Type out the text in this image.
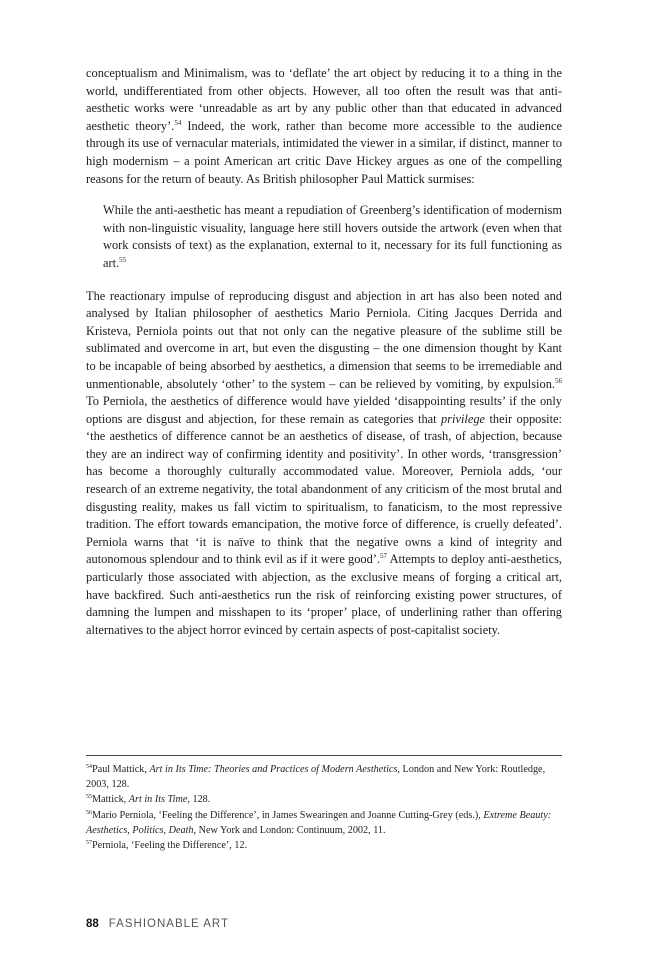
conceptualism and Minimalism, was to ‘deflate’ the art object by reducing it to a thing in the world, undifferentiated from other objects. However, all too often the result was that anti-aesthetic works were ‘unreadable as art by any public other than that educated in advanced aesthetic theory’.$^{54}$ Indeed, the work, rather than become more accessible to the audience through its use of vernacular materials, intimidated the viewer in a similar, if distinct, manner to high modernism – a point American art critic Dave Hickey argues as one of the compelling reasons for the return of beauty. As British philosopher Paul Mattick surmises:

While the anti-aesthetic has meant a repudiation of Greenberg’s identification of modernism with non-linguistic visuality, language here still hovers outside the artwork (even when that work consists of text) as the explanation, external to it, necessary for its full functioning as art.$^{55}$

The reactionary impulse of reproducing disgust and abjection in art has also been noted and analysed by Italian philosopher of aesthetics Mario Perniola. Citing Jacques Derrida and Kristeva, Perniola points out that not only can the negative pleasure of the sublime still be sublimated and overcome in art, but even the disgusting – the one dimension thought by Kant to be incapable of being absorbed by aesthetics, a dimension that seems to be irremediable and unmentionable, absolutely ‘other’ to the system – can be relieved by vomiting, by expulsion.$^{56}$ To Perniola, the aesthetics of difference would have yielded ‘disappointing results’ if the only options are disgust and abjection, for these remain as categories that privilege their opposite: ‘the aesthetics of difference cannot be an aesthetics of disease, of trash, of abjection, because they are an indirect way of confirming identity and positivity’. In other words, ‘transgression’ has become a thoroughly culturally accommodated value. Moreover, Perniola adds, ‘our research of an extreme negativity, the total abandonment of any criticism of the most brutal and disgusting reality, makes us fall victim to spiritualism, to fanaticism, to the most repressive tradition. The effort towards emancipation, the motive force of difference, is cruelly defeated’. Perniola warns that ‘it is naïve to think that the negative owns a kind of integrity and autonomous splendour and to think evil as if it were good’.$^{57}$ Attempts to deploy anti-aesthetics, particularly those associated with abjection, as the exclusive means of forging a critical art, have backfired. Such anti-aesthetics run the risk of reinforcing existing power structures, of damning the lumpen and misshapen to its ‘proper’ place, of underlining rather than offering alternatives to the abject horror evinced by certain aspects of post-capitalist society.

$^{54}$Paul Mattick, Art in Its Time: Theories and Practices of Modern Aesthetics, London and New York: Routledge, 2003, 128.

$^{55}$Mattick, Art in Its Time, 128.

$^{56}$Mario Perniola, ‘Feeling the Difference’, in James Swearingen and Joanne Cutting-Grey (eds.), Extreme Beauty: Aesthetics, Politics, Death, New York and London: Continuum, 2002, 11.

$^{57}$Perniola, ‘Feeling the Difference’, 12.

88 FASHIONABLE ART
